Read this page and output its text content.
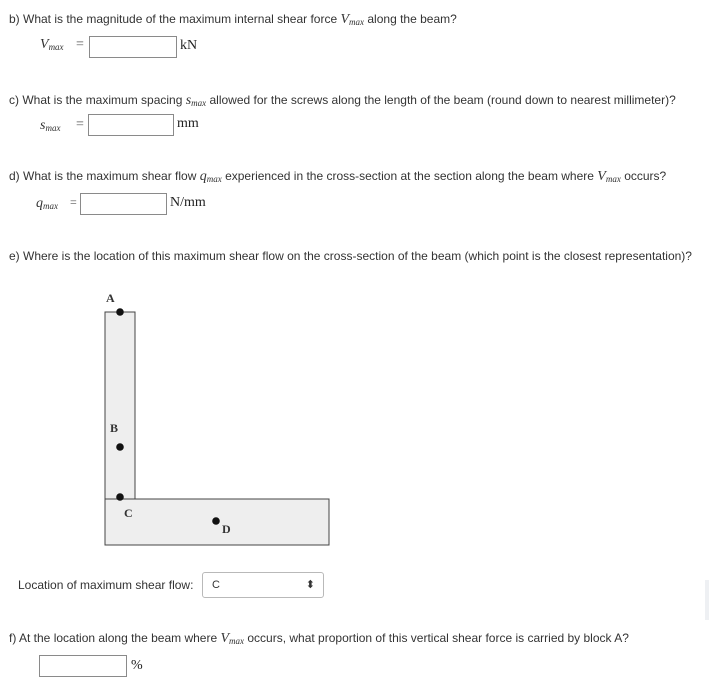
b) What is the magnitude of the maximum internal shear force $V_{max}$ along the beam?
$V_{max}$ =	kN
c) What is the maximum spacing $s_{max}$ allowed for the screws along the length of the beam (round down to nearest millimeter)?
$s_{max}$ =	mm
d) What is the maximum shear flow $q_{max}$ experienced in the cross-section at the section along the beam where $V_{max}$ occurs?
$q_{max}$ =	N/mm
e) Where is the location of this maximum shear flow on the cross-section of the beam (which point is the closest representation)?
A
B
C
D
Location of maximum shear flow:	C	⬍
f) At the location along the beam where $V_{max}$ occurs, what proportion of this vertical shear force is carried by block A?
%
